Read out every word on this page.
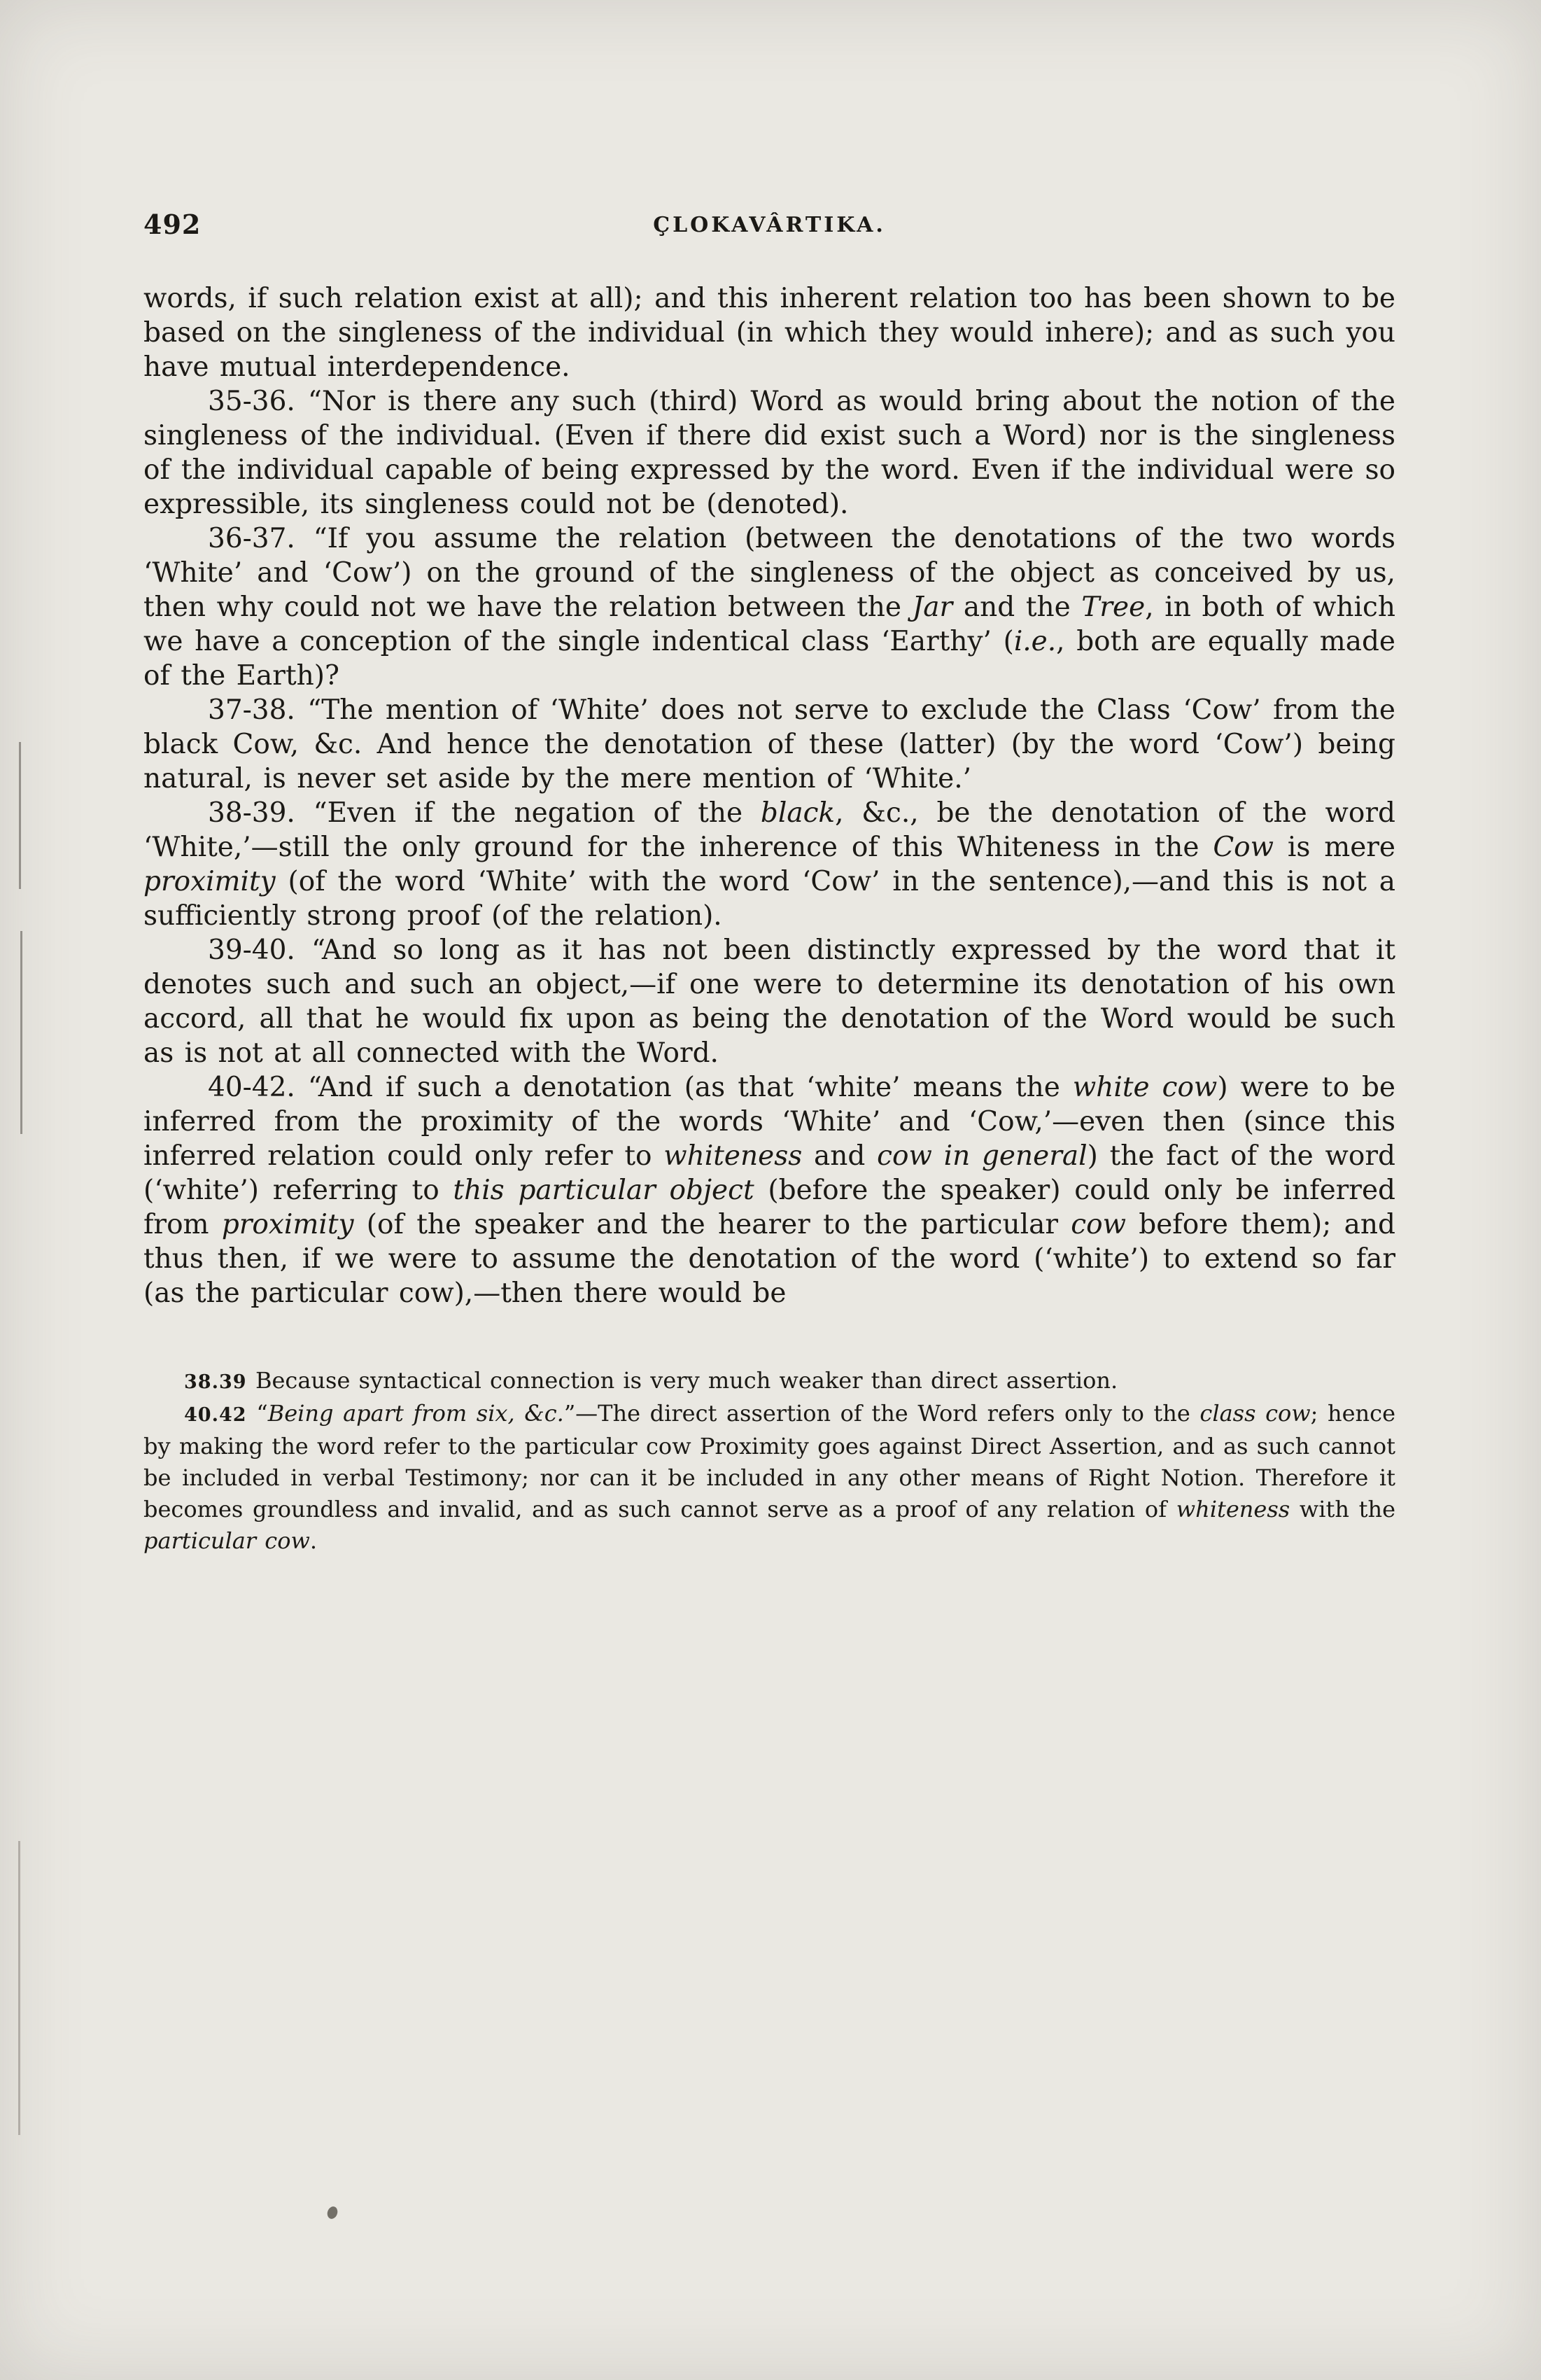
492	ÇLOKAVÂRTIKA.

words, if such relation exist at all); and this inherent relation too has been shown to be based on the singleness of the individual (in which they would inhere); and as such you have mutual interdependence.

35-36. “Nor is there any such (third) Word as would bring about the notion of the singleness of the individual. (Even if there did exist such a Word) nor is the singleness of the individual capable of being expressed by the word. Even if the individual were so expressible, its singleness could not be (denoted).

36-37. “If you assume the relation (between the denotations of the two words ‘White’ and ‘Cow’) on the ground of the singleness of the object as conceived by us, then why could not we have the relation between the Jar and the Tree, in both of which we have a conception of the single indentical class ‘Earthy’ (i.e., both are equally made of the Earth)?

37-38. “The mention of ‘White’ does not serve to exclude the Class ‘Cow’ from the black Cow, &c. And hence the denotation of these (latter) (by the word ‘Cow’) being natural, is never set aside by the mere mention of ‘White.’

38-39. “Even if the negation of the black, &c., be the denotation of the word ‘White,’—still the only ground for the inherence of this Whiteness in the Cow is mere proximity (of the word ‘White’ with the word ‘Cow’ in the sentence),—and this is not a sufficiently strong proof (of the relation).

39-40. “And so long as it has not been distinctly expressed by the word that it denotes such and such an object,—if one were to determine its denotation of his own accord, all that he would fix upon as being the denotation of the Word would be such as is not at all connected with the Word.

40-42. “And if such a denotation (as that ‘white’ means the white cow) were to be inferred from the proximity of the words ‘White’ and ‘Cow,’—even then (since this inferred relation could only refer to whiteness and cow in general) the fact of the word (‘white’) referring to this particular object (before the speaker) could only be inferred from proximity (of the speaker and the hearer to the particular cow before them); and thus then, if we were to assume the denotation of the word (‘white’) to extend so far (as the particular cow),—then there would be

38.39 Because syntactical connection is very much weaker than direct assertion.

40.42 “Being apart from six, &c.”—The direct assertion of the Word refers only to the class cow; hence by making the word refer to the particular cow Proximity goes against Direct Assertion, and as such cannot be included in verbal Testimony; nor can it be included in any other means of Right Notion. Therefore it becomes groundless and invalid, and as such cannot serve as a proof of any relation of whiteness with the particular cow.
